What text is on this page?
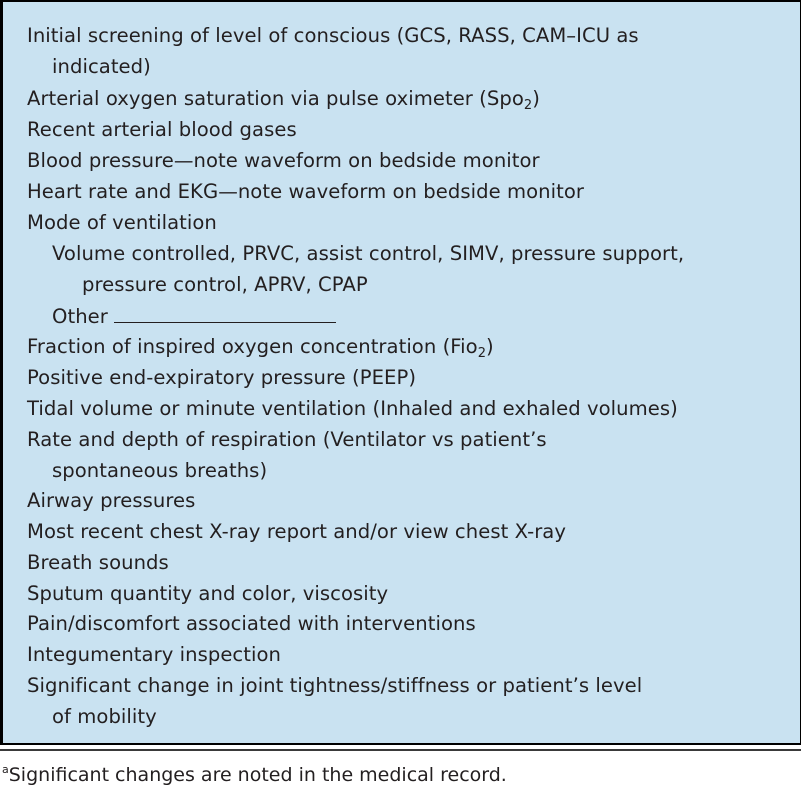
Initial screening of level of conscious (GCS, RASS, CAM–ICU as
indicated)
Arterial oxygen saturation via pulse oximeter (Spo$_2$)
Recent arterial blood gases
Blood pressure—note waveform on bedside monitor
Heart rate and EKG—note waveform on bedside monitor
Mode of ventilation
Volume controlled, PRVC, assist control, SIMV, pressure support,
pressure control, APRV, CPAP
Other
Fraction of inspired oxygen concentration (Fio$_2$)
Positive end-expiratory pressure (PEEP)
Tidal volume or minute ventilation (Inhaled and exhaled volumes)
Rate and depth of respiration (Ventilator vs patient’s
spontaneous breaths)
Airway pressures
Most recent chest X-ray report and/or view chest X-ray
Breath sounds
Sputum quantity and color, viscosity
Pain/discomfort associated with interventions
Integumentary inspection
Significant change in joint tightness/stiffness or patient’s level
of mobility
$^a$Significant changes are noted in the medical record.
